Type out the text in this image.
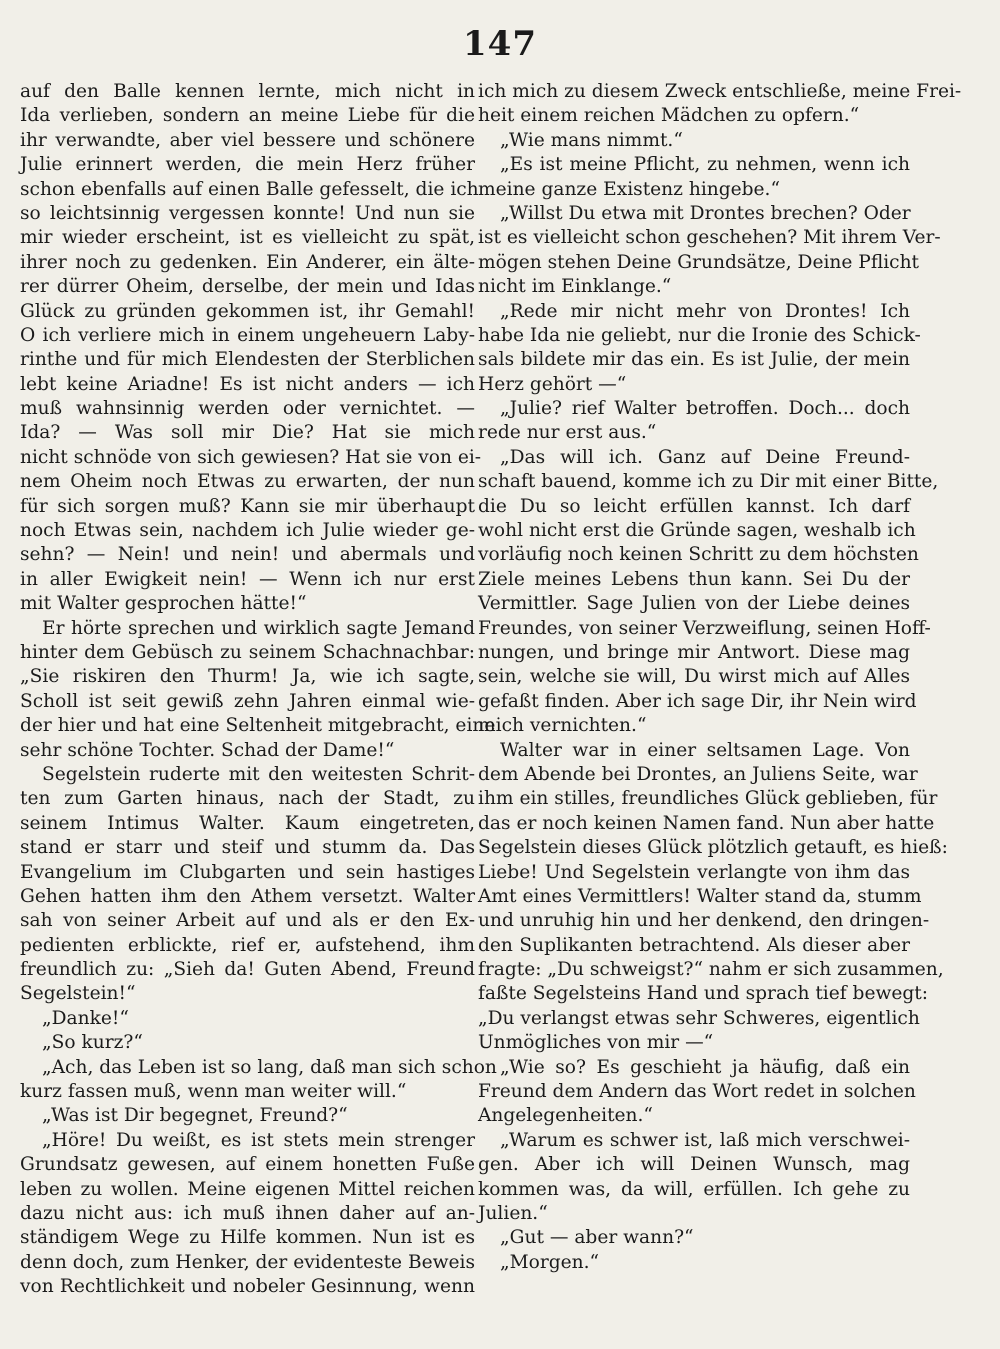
147
auf den Balle kennen lernte, mich nicht in
Ida verlieben, sondern an meine Liebe für die
ihr verwandte, aber viel bessere und schönere
Julie erinnert werden, die mein Herz früher
schon ebenfalls auf einen Balle gefesselt, die ich
so leichtsinnig vergessen konnte! Und nun sie
mir wieder erscheint, ist es vielleicht zu spät,
ihrer noch zu gedenken. Ein Anderer, ein älte-
rer dürrer Oheim, derselbe, der mein und Idas
Glück zu gründen gekommen ist, ihr Gemahl!
O ich verliere mich in einem ungeheuern Laby-
rinthe und für mich Elendesten der Sterblichen
lebt keine Ariadne! Es ist nicht anders — ich
muß wahnsinnig werden oder vernichtet. —
Ida? — Was soll mir Die? Hat sie mich
nicht schnöde von sich gewiesen? Hat sie von ei-
nem Oheim noch Etwas zu erwarten, der nun
für sich sorgen muß? Kann sie mir überhaupt
noch Etwas sein, nachdem ich Julie wieder ge-
sehn? — Nein! und nein! und abermals und
in aller Ewigkeit nein! — Wenn ich nur erst
mit Walter gesprochen hätte!“
Er hörte sprechen und wirklich sagte Jemand
hinter dem Gebüsch zu seinem Schachnachbar:
„Sie riskiren den Thurm! Ja, wie ich sagte,
Scholl ist seit gewiß zehn Jahren einmal wie-
der hier und hat eine Seltenheit mitgebracht, eine
sehr schöne Tochter. Schad der Dame!“
Segelstein ruderte mit den weitesten Schrit-
ten zum Garten hinaus, nach der Stadt, zu
seinem Intimus Walter. Kaum eingetreten,
stand er starr und steif und stumm da. Das
Evangelium im Clubgarten und sein hastiges
Gehen hatten ihm den Athem versetzt. Walter
sah von seiner Arbeit auf und als er den Ex-
pedienten erblickte, rief er, aufstehend, ihm
freundlich zu: „Sieh da! Guten Abend, Freund
Segelstein!“
„Danke!“
„So kurz?“
„Ach, das Leben ist so lang, daß man sich schon
kurz fassen muß, wenn man weiter will.“
„Was ist Dir begegnet, Freund?“
„Höre! Du weißt, es ist stets mein strenger
Grundsatz gewesen, auf einem honetten Fuße
leben zu wollen. Meine eigenen Mittel reichen
dazu nicht aus: ich muß ihnen daher auf an-
ständigem Wege zu Hilfe kommen. Nun ist es
denn doch, zum Henker, der evidenteste Beweis
von Rechtlichkeit und nobeler Gesinnung, wenn
ich mich zu diesem Zweck entschließe, meine Frei-
heit einem reichen Mädchen zu opfern.“
„Wie mans nimmt.“
„Es ist meine Pflicht, zu nehmen, wenn ich
meine ganze Existenz hingebe.“
„Willst Du etwa mit Drontes brechen? Oder
ist es vielleicht schon geschehen? Mit ihrem Ver-
mögen stehen Deine Grundsätze, Deine Pflicht
nicht im Einklange.“
„Rede mir nicht mehr von Drontes! Ich
habe Ida nie geliebt, nur die Ironie des Schick-
sals bildete mir das ein. Es ist Julie, der mein
Herz gehört —“
„Julie? rief Walter betroffen. Doch... doch
rede nur erst aus.“
„Das will ich. Ganz auf Deine Freund-
schaft bauend, komme ich zu Dir mit einer Bitte,
die Du so leicht erfüllen kannst. Ich darf
wohl nicht erst die Gründe sagen, weshalb ich
vorläufig noch keinen Schritt zu dem höchsten
Ziele meines Lebens thun kann. Sei Du der
Vermittler. Sage Julien von der Liebe deines
Freundes, von seiner Verzweiflung, seinen Hoff-
nungen, und bringe mir Antwort. Diese mag
sein, welche sie will, Du wirst mich auf Alles
gefaßt finden. Aber ich sage Dir, ihr Nein wird
mich vernichten.“
Walter war in einer seltsamen Lage. Von
dem Abende bei Drontes, an Juliens Seite, war
ihm ein stilles, freundliches Glück geblieben, für
das er noch keinen Namen fand. Nun aber hatte
Segelstein dieses Glück plötzlich getauft, es hieß:
Liebe! Und Segelstein verlangte von ihm das
Amt eines Vermittlers! Walter stand da, stumm
und unruhig hin und her denkend, den dringen-
den Suplikanten betrachtend. Als dieser aber
fragte: „Du schweigst?“ nahm er sich zusammen,
faßte Segelsteins Hand und sprach tief bewegt:
„Du verlangst etwas sehr Schweres, eigentlich
Unmögliches von mir —“
„Wie so? Es geschieht ja häufig, daß ein
Freund dem Andern das Wort redet in solchen
Angelegenheiten.“
„Warum es schwer ist, laß mich verschwei-
gen. Aber ich will Deinen Wunsch, mag
kommen was, da will, erfüllen. Ich gehe zu
Julien.“
„Gut — aber wann?“
„Morgen.“
